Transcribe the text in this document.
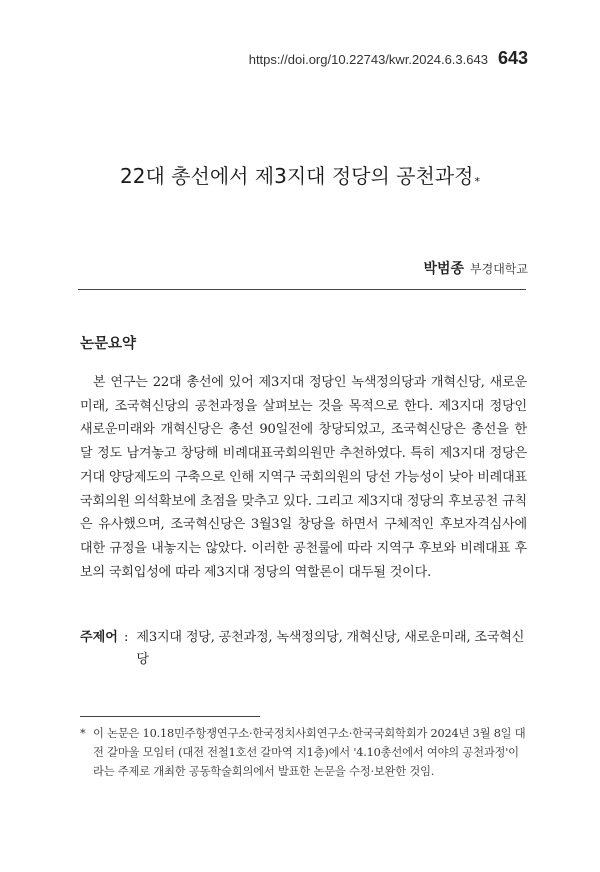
https://doi.org/10.22743/kwr.2024.6.3.643 643
22대 총선에서 제3지대 정당의 공천과정*
박범종 부경대학교
논문요약
본 연구는 22대 총선에 있어 제3지대 정당인 녹색정의당과 개혁신당, 새로운미래, 조국혁신당의 공천과정을 살펴보는 것을 목적으로 한다. 제3지대 정당인 새로운미래와 개혁신당은 총선 90일전에 창당되었고, 조국혁신당은 총선을 한 달 정도 남겨놓고 창당해 비례대표국회의원만 추천하였다. 특히 제3지대 정당은 거대 양당제도의 구축으로 인해 지역구 국회의원의 당선 가능성이 낮아 비례대표 국회의원 의석확보에 초점을 맞추고 있다. 그리고 제3지대 정당의 후보공천 규칙은 유사했으며, 조국혁신당은 3월3일 창당을 하면서 구체적인 후보자격심사에 대한 규정을 내놓지는 않았다. 이러한 공천룰에 따라 지역구 후보와 비례대표 후보의 국회입성에 따라 제3지대 정당의 역할론이 대두될 것이다.
주제어 : 제3지대 정당, 공천과정, 녹색정의당, 개혁신당, 새로운미래, 조국혁신당
* 이 논문은 10.18민주항쟁연구소·한국정치사회연구소·한국국회학회가 2024년 3월 8일 대전 갈마울 모임터 (대전 전철1호선 갈마역 지1층)에서 '4.10총선에서 여야의 공천과정'이라는 주제로 개최한 공동학술회의에서 발표한 논문을 수정·보완한 것임.
